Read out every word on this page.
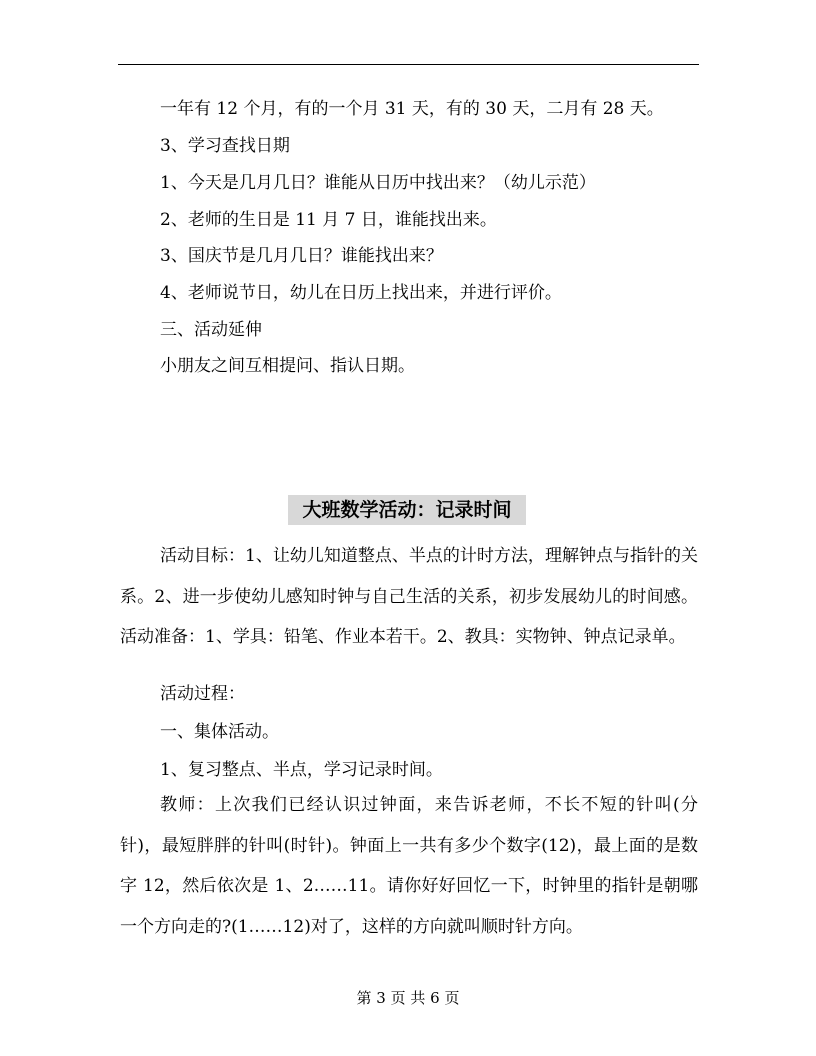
一年有 12 个月，有的一个月 31 天，有的 30 天，二月有 28 天。
3、学习查找日期
1、今天是几月几日？谁能从日历中找出来？（幼儿示范）
2、老师的生日是 11 月 7 日，谁能找出来。
3、国庆节是几月几日？谁能找出来？
4、老师说节日，幼儿在日历上找出来，并进行评价。
三、活动延伸
小朋友之间互相提问、指认日期。
大班数学活动：记录时间
活动目标：1、让幼儿知道整点、半点的计时方法，理解钟点与指针的关系。2、进一步使幼儿感知时钟与自己生活的关系，初步发展幼儿的时间感。活动准备：1、学具：铅笔、作业本若干。2、教具：实物钟、钟点记录单。
活动过程：
一、集体活动。
1、复习整点、半点，学习记录时间。
教师：上次我们已经认识过钟面，来告诉老师，不长不短的针叫(分针)，最短胖胖的针叫(时针)。钟面上一共有多少个数字(12)，最上面的是数字 12，然后依次是 1、2……11。请你好好回忆一下，时钟里的指针是朝哪一个方向走的?(1……12)对了，这样的方向就叫顺时针方向。
第 3 页 共 6 页
